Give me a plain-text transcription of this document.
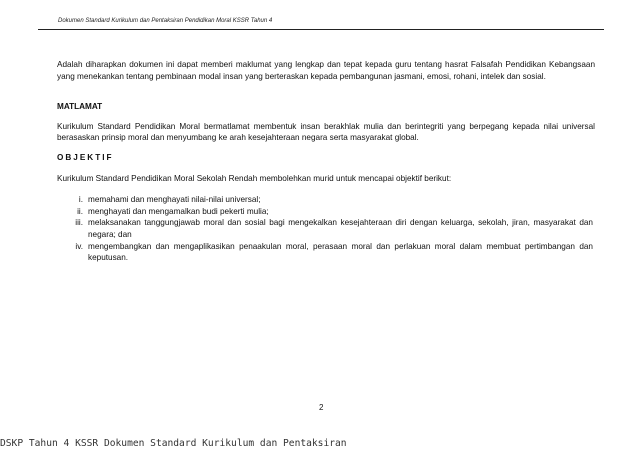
Dokumen Standard Kurikulum dan Pentaksiran Pendidikan Moral KSSR Tahun 4

Adalah diharapkan dokumen ini dapat memberi maklumat yang lengkap dan tepat kepada guru tentang hasrat Falsafah Pendidikan Kebangsaan yang menekankan tentang pembinaan modal insan yang berteraskan kepada pembangunan jasmani, emosi, rohani, intelek dan sosial.

MATLAMAT

Kurikulum Standard Pendidikan Moral bermatlamat membentuk insan berakhlak mulia dan berintegriti yang berpegang kepada nilai universal berasaskan prinsip moral dan menyumbang ke arah kesejahteraan negara serta masyarakat global.

OBJEKTIF

Kurikulum Standard Pendidikan Moral Sekolah Rendah membolehkan murid untuk mencapai objektif berikut:

i. memahami dan menghayati nilai-nilai universal;
ii. menghayati dan mengamalkan budi pekerti mulia;
iii. melaksanakan tanggungjawab moral dan sosial bagi mengekalkan kesejahteraan diri dengan keluarga, sekolah, jiran, masyarakat dan negara; dan
iv. mengembangkan dan mengaplikasikan penaakulan moral, perasaan moral dan perlakuan moral dalam membuat pertimbangan dan keputusan.
2
DSKP Tahun 4 KSSR Dokumen Standard Kurikulum dan Pentaksiran
